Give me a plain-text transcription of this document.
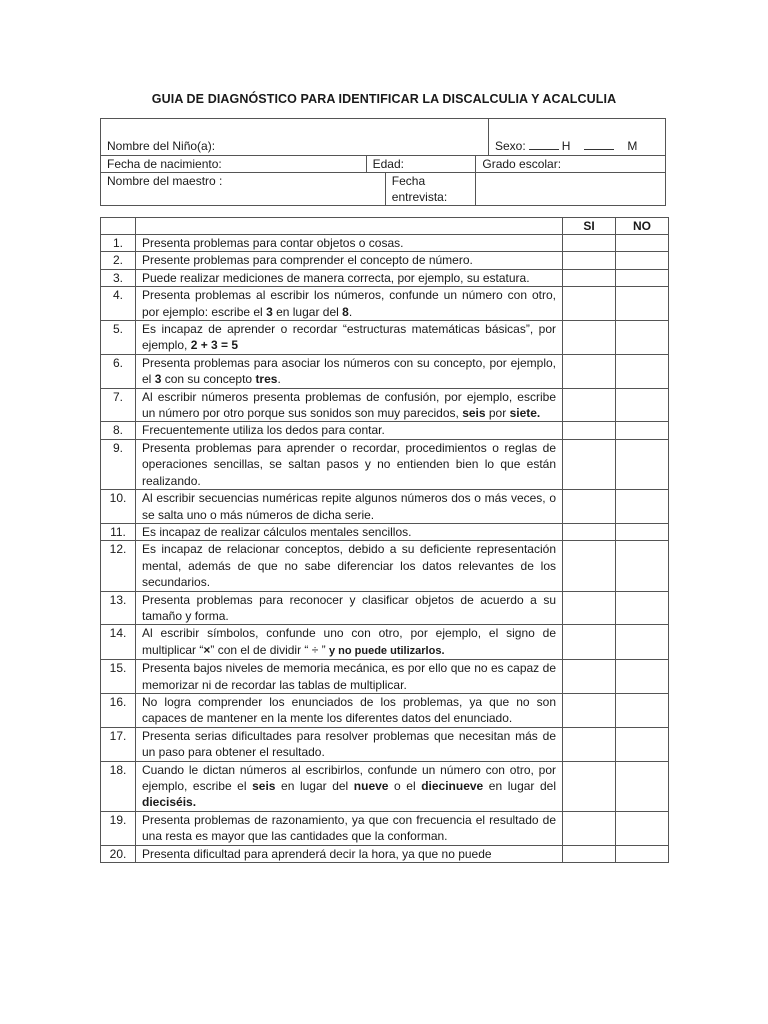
GUIA DE DIAGNÓSTICO PARA IDENTIFICAR LA DISCALCULIA Y ACALCULIA
Nombre del Niño(a):			Sexo: H M
Fecha de nacimiento:	Edad:	Grado escolar:	

Nombre del maestro : Fecha entrevista:			

		SI	NO
1.	Presenta problemas para contar objetos o cosas.		
2.	Presente problemas para comprender el concepto de número.		
3.	Puede realizar mediciones de manera correcta, por ejemplo, su estatura.		
4.	Presenta problemas al escribir los números, confunde un número con otro, por ejemplo: escribe el 3 en lugar del 8.		
5.	Es incapaz de aprender o recordar “estructuras matemáticas básicas”, por ejemplo, 2 + 3 = 5		
6.	Presenta problemas para asociar los números con su concepto, por ejemplo, el 3 con su concepto tres.		
7.	Al escribir números presenta problemas de confusión, por ejemplo, escribe un número por otro porque sus sonidos son muy parecidos, seis por siete.		
8.	Frecuentemente utiliza los dedos para contar.		
9.	Presenta problemas para aprender o recordar, procedimientos o reglas de operaciones sencillas, se saltan pasos y no entienden bien lo que están realizando.		
10.	Al escribir secuencias numéricas repite algunos números dos o más veces, o se salta uno o más números de dicha serie.		
11.	Es incapaz de realizar cálculos mentales sencillos.		
12.	Es incapaz de relacionar conceptos, debido a su deficiente representación mental, además de que no sabe diferenciar los datos relevantes de los secundarios.		
13.	Presenta problemas para reconocer y clasificar objetos de acuerdo a su tamaño y forma.		
14.	Al escribir símbolos, confunde uno con otro, por ejemplo, el signo de multiplicar “×” con el de dividir “ ÷ ” y no puede utilizarlos.		
15.	Presenta bajos niveles de memoria mecánica, es por ello que no es capaz de memorizar ni de recordar las tablas de multiplicar.		
16.	No logra comprender los enunciados de los problemas, ya que no son capaces de mantener en la mente los diferentes datos del enunciado.		
17.	Presenta serias dificultades para resolver problemas que necesitan más de un paso para obtener el resultado.		
18.	Cuando le dictan números al escribirlos, confunde un número con otro, por ejemplo, escribe el seis en lugar del nueve o el diecinueve en lugar del dieciséis.		
19.	Presenta problemas de razonamiento, ya que con frecuencia el resultado de una resta es mayor que las cantidades que la conforman.		
20.	Presenta dificultad para aprenderá decir la hora, ya que no puede		
